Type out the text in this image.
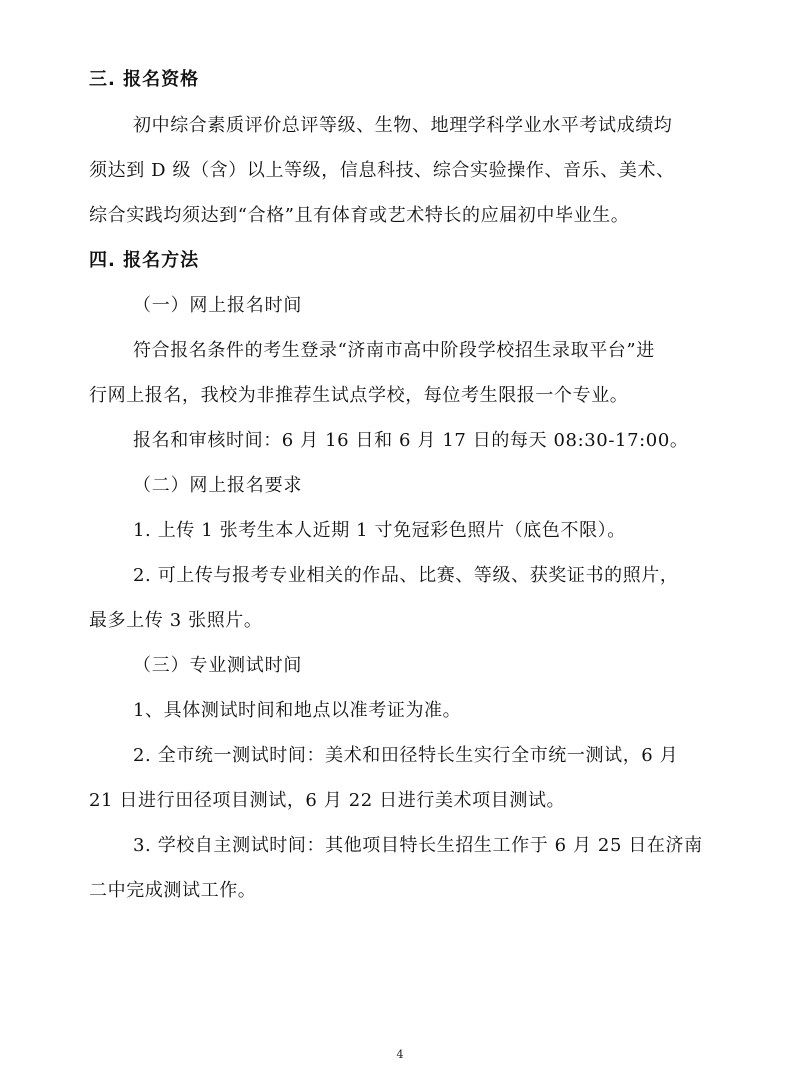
三. 报名资格
初中综合素质评价总评等级、生物、地理学科学业水平考试成绩均
须达到 D 级（含）以上等级，信息科技、综合实验操作、音乐、美术、
综合实践均须达到“合格”且有体育或艺术特长的应届初中毕业生。
四. 报名方法
（一）网上报名时间
符合报名条件的考生登录“济南市高中阶段学校招生录取平台”进
行网上报名，我校为非推荐生试点学校，每位考生限报一个专业。
报名和审核时间：6 月 16 日和 6 月 17 日的每天 08:30-17:00。
（二）网上报名要求
1. 上传 1 张考生本人近期 1 寸免冠彩色照片（底色不限）。
2. 可上传与报考专业相关的作品、比赛、等级、获奖证书的照片，
最多上传 3 张照片。
（三）专业测试时间
1、具体测试时间和地点以准考证为准。
2. 全市统一测试时间：美术和田径特长生实行全市统一测试，6 月
21 日进行田径项目测试，6 月 22 日进行美术项目测试。
3. 学校自主测试时间：其他项目特长生招生工作于 6 月 25 日在济南
二中完成测试工作。
4
